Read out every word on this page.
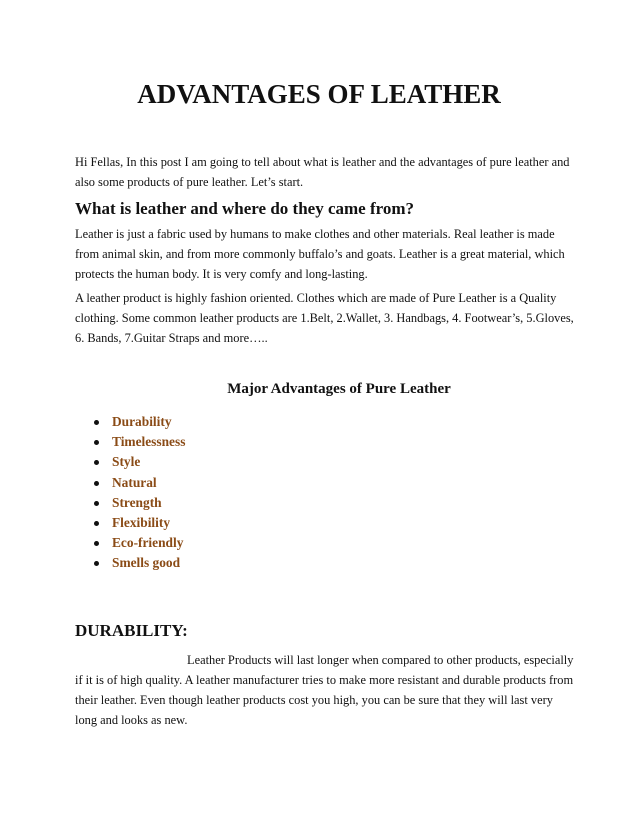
ADVANTAGES OF LEATHER

Hi Fellas, In this post I am going to tell about what is leather and the advantages of pure leather and also some products of pure leather. Let’s start.

What is leather and where do they came from?

Leather is just a fabric used by humans to make clothes and other materials. Real leather is made from animal skin, and from more commonly buffalo’s and goats. Leather is a great material, which protects the human body. It is very comfy and long-lasting.

A leather product is highly fashion oriented. Clothes which are made of Pure Leather is a Quality clothing. Some common leather products are 1.Belt, 2.Wallet, 3. Handbags, 4. Footwear’s, 5.Gloves, 6. Bands, 7.Guitar Straps and more…..

Major Advantages of Pure Leather
Durability
Timelessness
Style
Natural
Strength
Flexibility
Eco-friendly
Smells good
DURABILITY:

Leather Products will last longer when compared to other products, especially if it is of high quality. A leather manufacturer tries to make more resistant and durable products from their leather. Even though leather products cost you high, you can be sure that they will last very long and looks as new.
